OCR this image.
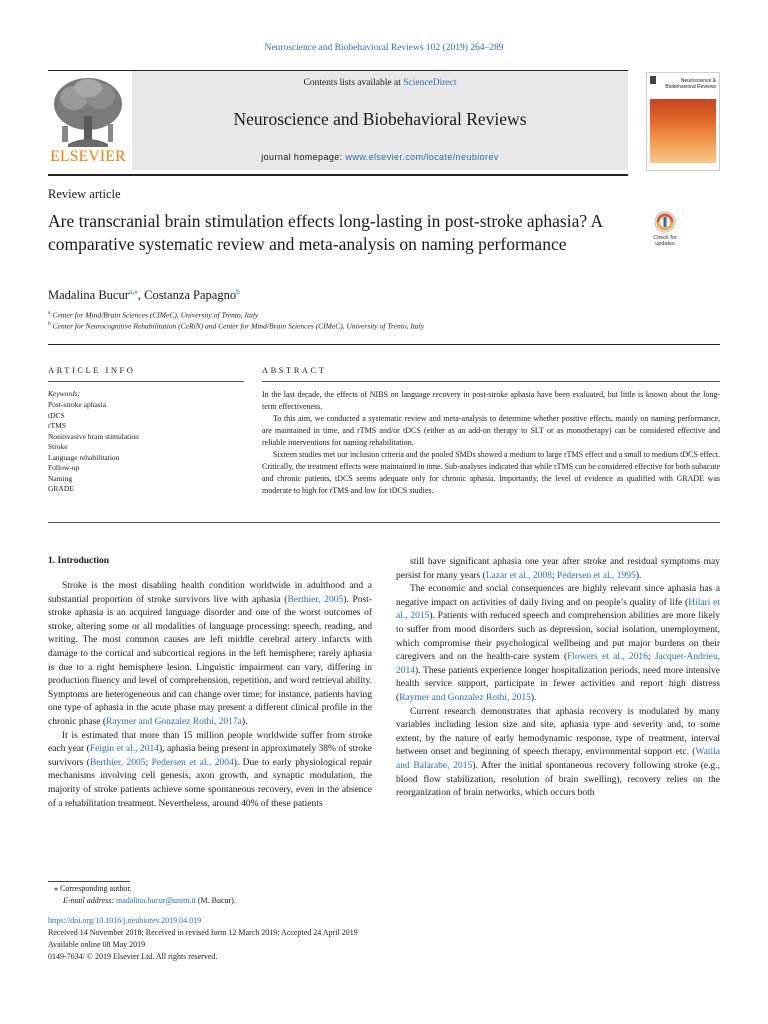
Neuroscience and Biobehavioral Reviews 102 (2019) 264–289
Contents lists available at ScienceDirect
Neuroscience and Biobehavioral Reviews
journal homepage: www.elsevier.com/locate/neubiorev
ELSEVIER
Neuroscience & Biobehavioral Reviews
Review article
Are transcranial brain stimulation effects long-lasting in post-stroke aphasia? A comparative systematic review and meta-analysis on naming performance	Check for updates
Madalina Bucur$^{a,⁎}$, Costanza Papagno$^b$
$^a$ Center for Mind/Brain Sciences (CIMeC), University of Trento, Italy
$^b$ Center for Neurocognitive Rehabilitation (CeRiN) and Center for Mind/Brain Sciences (CIMeC), University of Trento, Italy
ARTICLE INFO	ABSTRACT
Keywords:
Post-stroke aphasia
tDCS
rTMS
Noninvasive brain stimulation
Stroke
Language rehabilitation
Follow-up
Naming
GRADE

In the last decade, the effects of NIBS on language recovery in post-stroke aphasia have been evaluated, but little is known about the long-term effectiveness.

To this aim, we conducted a systematic review and meta-analysis to determine whether positive effects, mainly on naming performance, are maintained in time, and rTMS and/or tDCS (either as an add-on therapy to SLT or as monotherapy) can be considered effective and reliable interventions for naming rehabilitation.

Sixteen studies met our inclusion criteria and the pooled SMDs showed a medium to large rTMS effect and a small to medium tDCS effect. Critically, the treatment effects were maintained in time. Sub-analyses indicated that while rTMS can be considered effective for both subacute and chronic patients, tDCS seems adequate only for chronic aphasia. Importantly, the level of evidence as qualified with GRADE was moderate to high for rTMS and low for tDCS studies.

1. Introduction

Stroke is the most disabling health condition worldwide in adulthood and a substantial proportion of stroke survivors live with aphasia (Berthier, 2005). Post-stroke aphasia is an acquired language disorder and one of the worst outcomes of stroke, altering some or all modalities of language processing: speech, reading, and writing. The most common causes are left middle cerebral artery infarcts with damage to the cortical and subcortical regions in the left hemisphere; rarely aphasia is due to a right hemisphere lesion. Linguistic impairment can vary, differing in production fluency and level of comprehension, repetition, and word retrieval ability. Symptoms are heterogeneous and can change over time; for instance, patients having one type of aphasia in the acute phase may present a different clinical profile in the chronic phase (Raymer and Gonzalez Rothi, 2017a).

It is estimated that more than 15 million people worldwide suffer from stroke each year (Feigin et al., 2014), aphasia being present in approximately 38% of stroke survivors (Berthier, 2005; Pedersen et al., 2004). Due to early physiological repair mechanisms involving cell genesis, axon growth, and synaptic modulation, the majority of stroke patients achieve some spontaneous recovery, even in the absence of a rehabilitation treatment. Nevertheless, around 40% of these patients

still have significant aphasia one year after stroke and residual symptoms may persist for many years (Lazar et al., 2008; Pedersen et al., 1995).

The economic and social consequences are highly relevant since aphasia has a negative impact on activities of daily living and on people’s quality of life (Hilari et al., 2015). Patients with reduced speech and comprehension abilities are more likely to suffer from mood disorders such as depression, social isolation, unemployment, which compromise their psychological wellbeing and put major burdens on their caregivers and on the health-care system (Flowers et al., 2016; Jacquet-Andrieu, 2014). These patients experience longer hospitalization periods, need more intensive health service support, participate in fewer activities and report high distress (Raymer and Gonzalez Rothi, 2015).

Current research demonstrates that aphasia recovery is modulated by many variables including lesion size and site, aphasia type and severity and, to some extent, by the nature of early hemodynamic response, type of treatment, interval between onset and beginning of speech therapy, environmental support etc. (Watila and Balarabe, 2015). After the initial spontaneous recovery following stroke (e.g., blood flow stabilization, resolution of brain swelling), recovery relies on the reorganization of brain networks, which occurs both

⁎ Corresponding author.
E-mail address: madalina.bucur@unitn.it (M. Bucur).
https://doi.org/10.1016/j.neubiorev.2019.04.019
Received 14 November 2018; Received in revised form 12 March 2019; Accepted 24 April 2019
Available online 08 May 2019
0149-7634/ © 2019 Elsevier Ltd. All rights reserved.
